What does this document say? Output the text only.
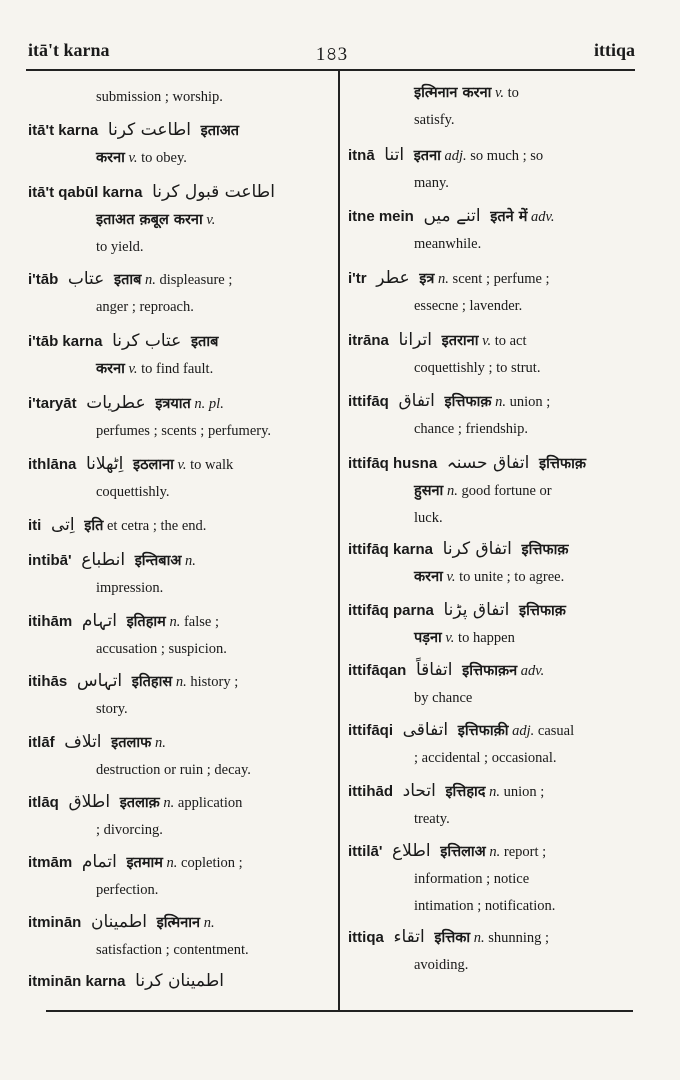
itā't karna	1৪3	ittiqa
submission ; worship.
itā't karna اطاعت کرنا इताअत
करना v. to obey.
itā't qabūl karna اطاعت قبول کرنا
इताअत क़बूल करना v.
to yield.
i'tāb عتاب इताब n. displeasure ;
anger ; reproach.
i'tāb karna عتاب کرنا इताब
करना v. to find fault.
i'taryāt عطریات इत्रयात n. pl.
perfumes ; scents ; perfumery.
ithlāna اِٹھلانا इठलाना v. to walk
coquettishly.
iti اِتی इति et cetra ; the end.
intibā' انطباع इन्तिबाअ n.
impression.
itihām اتہام इतिहाम n. false ;
accusation ; suspicion.
itihās اتہاس इतिहास n. history ;
story.
itlāf اتلاف इतलाफ n.
destruction or ruin ; decay.
itlāq اطلاق इतलाक़ n. application
; divorcing.
itmām اتمام इतमाम n. copletion ;
perfection.
itminān اطمینان इत्मिनान n.
satisfaction ; contentment.
itminān karna اطمینان کرنا
इत्मिनान करना v. to
satisfy.
itnā اتنا इतना adj. so much ; so
many.
itne mein اتنے میں इतने में adv.
meanwhile.
i'tr عطر इत्र n. scent ; perfume ;
essecne ; lavender.
itrāna اترانا इतराना v. to act
coquettishly ; to strut.
ittifāq اتفاق इत्तिफाक़ n. union ;
chance ; friendship.
ittifāq husna اتفاق حسنہ इत्तिफाक़
हुसना n. good fortune or
luck.
ittifāq karna اتفاق کرنا इत्तिफाक़
करना v. to unite ; to agree.
ittifāq parna اتفاق پڑنا इत्तिफाक़
पड़ना v. to happen
ittifāqan اتفاقاً इत्तिफाक़न adv.
by chance
ittifāqi اتفاقی इत्तिफाक़ी adj. casual
; accidental ; occasional.
ittihād اتحاد इत्तिहाद n. union ;
treaty.
ittilā' اطلاع इत्तिलाअ n. report ;
information ; notice
intimation ; notification.
ittiqa اتقاء इत्तिका n. shunning ;
avoiding.
